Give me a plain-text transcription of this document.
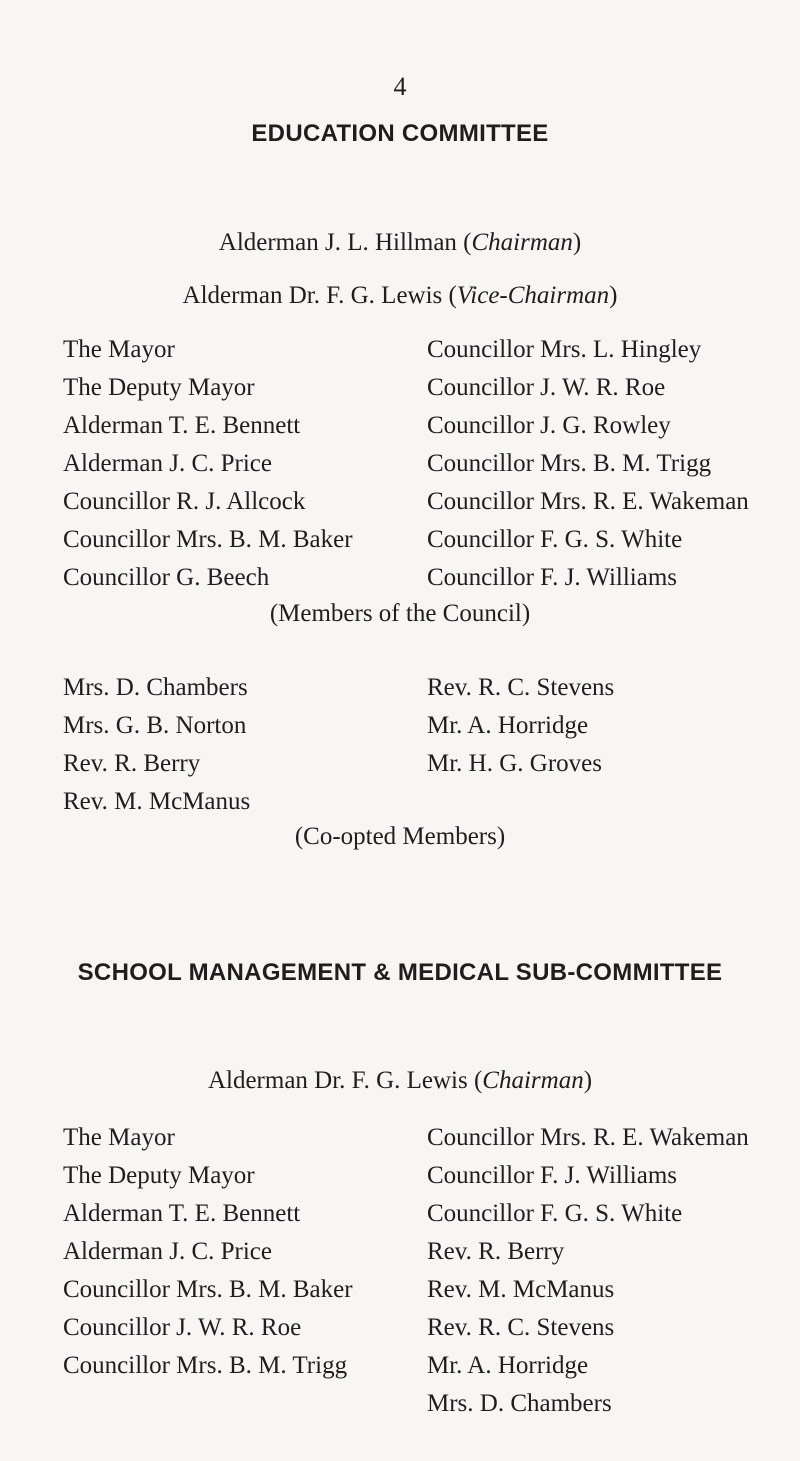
4
EDUCATION COMMITTEE
Alderman J. L. Hillman (Chairman)
Alderman Dr. F. G. Lewis (Vice-Chairman)
The Mayor
The Deputy Mayor
Alderman T. E. Bennett
Alderman J. C. Price
Councillor R. J. Allcock
Councillor Mrs. B. M. Baker
Councillor G. Beech
Councillor Mrs. L. Hingley
Councillor J. W. R. Roe
Councillor J. G. Rowley
Councillor Mrs. B. M. Trigg
Councillor Mrs. R. E. Wakeman
Councillor F. G. S. White
Councillor F. J. Williams
(Members of the Council)
Mrs. D. Chambers
Mrs. G. B. Norton
Rev. R. Berry
Rev. M. McManus
Rev. R. C. Stevens
Mr. A. Horridge
Mr. H. G. Groves
(Co-opted Members)
SCHOOL MANAGEMENT & MEDICAL SUB-COMMITTEE
Alderman Dr. F. G. Lewis (Chairman)
The Mayor
The Deputy Mayor
Alderman T. E. Bennett
Alderman J. C. Price
Councillor Mrs. B. M. Baker
Councillor J. W. R. Roe
Councillor Mrs. B. M. Trigg
Councillor Mrs. R. E. Wakeman
Councillor F. J. Williams
Councillor F. G. S. White
Rev. R. Berry
Rev. M. McManus
Rev. R. C. Stevens
Mr. A. Horridge
Mrs. D. Chambers
